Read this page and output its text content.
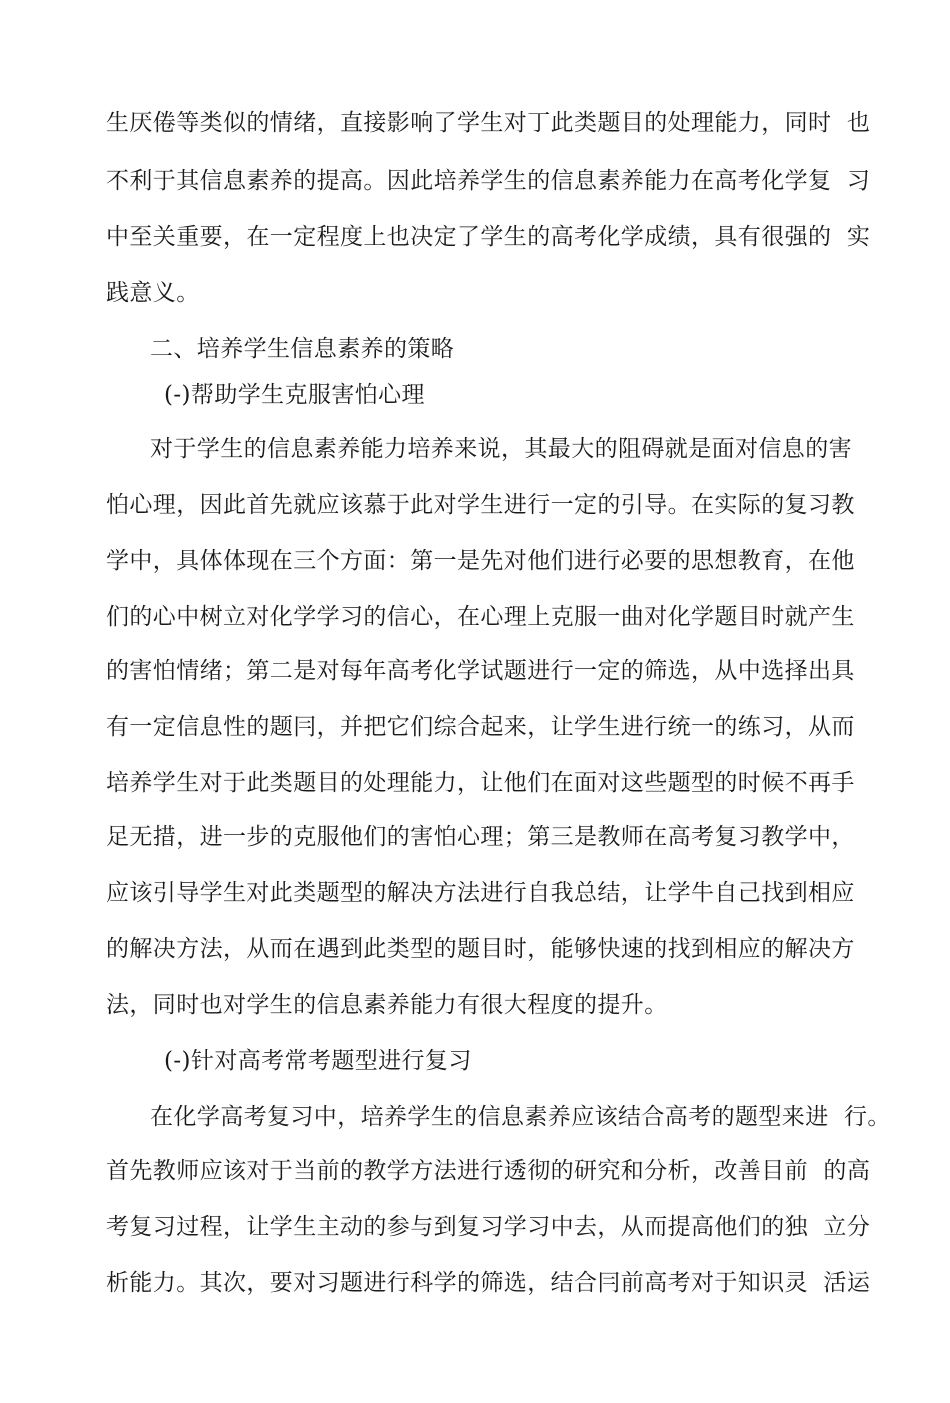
生厌倦等类似的情绪，直接影响了学生对丁此类题目的处理能力，同时  也
不利于其信息素养的提高。因此培养学生的信息素养能力在高考化学复  习
中至关重要，在一定程度上也决定了学生的高考化学成绩，具有很强的  实
践意义。
二、培养学生信息素养的策略
(-)帮助学生克服害怕心理
对于学生的信息素养能力培养来说，其最大的阻碍就是面对信息的害
怕心理，因此首先就应该慕于此对学生进行一定的引导。在实际的复习教
学中，具体体现在三个方面：第一是先对他们进行必要的思想教育，在他
们的心中树立对化学学习的信心，在心理上克服一曲对化学题目时就产生
的害怕情绪；第二是对每年高考化学试题进行一定的筛选，从中选择出具
有一定信息性的题冃，并把它们综合起来，让学生进行统一的练习，从而
培养学生对于此类题目的处理能力，让他们在面对这些题型的时候不再手
足无措，进一步的克服他们的害怕心理；第三是教师在高考复习教学中，
应该引导学生对此类题型的解决方法进行自我总结，让学牛自己找到相应
的解决方法，从而在遇到此类型的题目时，能够快速的找到相应的解决方
法，同时也对学生的信息素养能力有很大程度的提升。
(-)针对高考常考题型进行复习
在化学高考复习中，培养学生的信息素养应该结合高考的题型来进  行。
首先教师应该对于当前的教学方法进行透彻的研究和分析，改善目前  的高
考复习过程，让学生主动的参与到复习学习中去，从而提高他们的独  立分
析能力。其次，要对习题进行科学的筛选，结合冃前高考对于知识灵  活运
